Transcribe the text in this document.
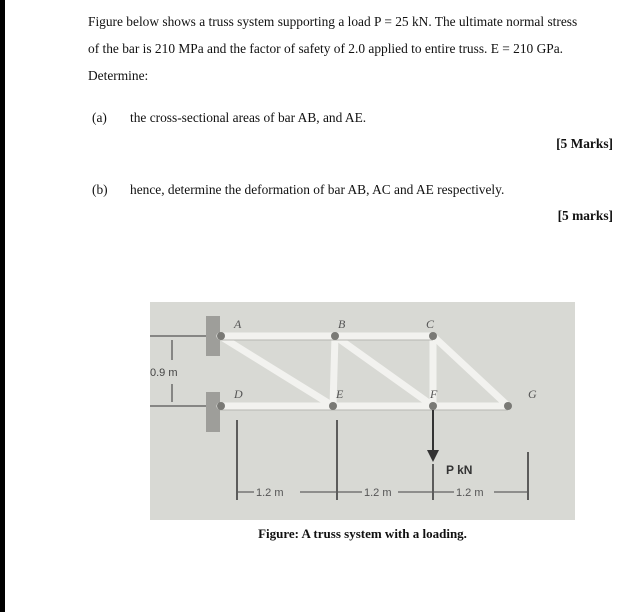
Figure below shows a truss system supporting a load P = 25 kN. The ultimate normal stress

of the bar is 210 MPa and the factor of safety of 2.0 applied to entire truss. E = 210 GPa.

Determine:

(a) the cross-sectional areas of bar AB, and AE.
[5 Marks]
(b) hence, determine the deformation of bar AB, AC and AE respectively.
[5 marks]
A	B	C
D	E	F	G
0.9 m
P kN
1.2 m	1.2 m	1.2 m
Figure: A truss system with a loading.
